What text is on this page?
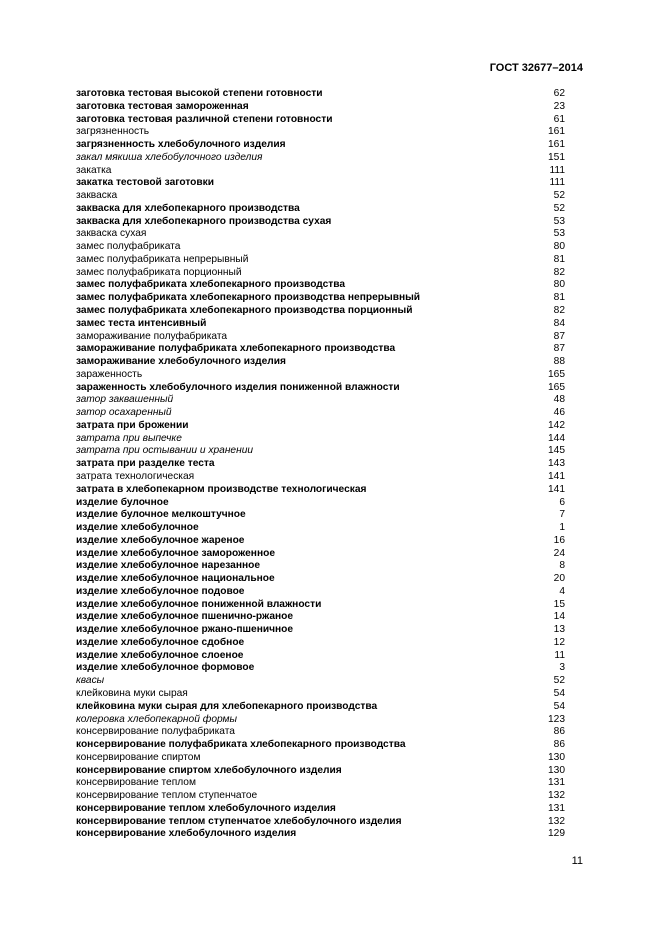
ГОСТ 32677–2014
заготовка тестовая высокой степени готовности	62
заготовка тестовая замороженная	23
заготовка тестовая различной степени готовности	61
загрязненность	161
загрязненность хлебобулочного изделия	161
закал мякиша хлебобулочного изделия	151
закатка	111
закатка тестовой заготовки	111
закваска	52
закваска для хлебопекарного производства	52
закваска для хлебопекарного производства сухая	53
закваска сухая	53
замес полуфабриката	80
замес полуфабриката непрерывный	81
замес полуфабриката порционный	82
замес полуфабриката хлебопекарного производства	80
замес полуфабриката хлебопекарного производства непрерывный	81
замес полуфабриката хлебопекарного производства порционный	82
замес теста интенсивный	84
замораживание полуфабриката	87
замораживание полуфабриката хлебопекарного производства	87
замораживание хлебобулочного изделия	88
зараженность	165
зараженность хлебобулочного изделия пониженной влажности	165
затор заквашенный	48
затор осахаренный	46
затрата при брожении	142
затрата при выпечке	144
затрата при остывании и хранении	145
затрата при разделке теста	143
затрата технологическая	141
затрата в хлебопекарном производстве технологическая	141
изделие булочное	6
изделие булочное мелкоштучное	7
изделие хлебобулочное	1
изделие хлебобулочное жареное	16
изделие хлебобулочное замороженное	24
изделие хлебобулочное нарезанное	8
изделие хлебобулочное национальное	20
изделие хлебобулочное подовое	4
изделие хлебобулочное пониженной влажности	15
изделие хлебобулочное пшенично-ржаное	14
изделие хлебобулочное ржано-пшеничное	13
изделие хлебобулочное сдобное	12
изделие хлебобулочное слоеное	11
изделие хлебобулочное формовое	3
квасы	52
клейковина муки сырая	54
клейковина муки сырая для хлебопекарного производства	54
колеровка хлебопекарной формы	123
консервирование полуфабриката	86
консервирование полуфабриката хлебопекарного производства	86
консервирование спиртом	130
консервирование спиртом хлебобулочного изделия	130
консервирование теплом	131
консервирование теплом ступенчатое	132
консервирование теплом хлебобулочного изделия	131
консервирование теплом ступенчатое хлебобулочного изделия	132
консервирование хлебобулочного изделия	129
11
